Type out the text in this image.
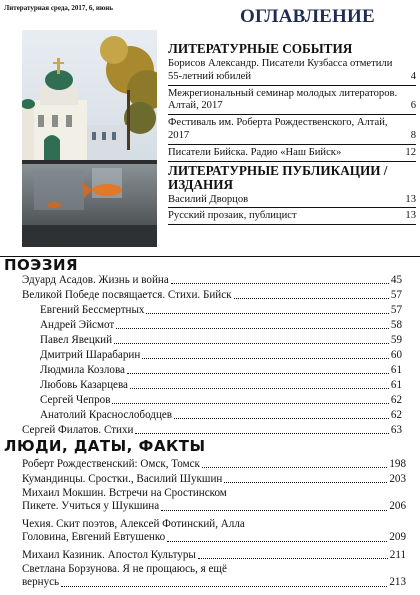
Литературная среда, 2017, 6, июнь
Пифийный литературный журнал
ОГЛАВЛЕНИЕ
ЛИТЕРАТУРНЫЕ СОБЫТИЯ
Борисов Александр. Писатели Кузбасса отметили 55-летний юбилей	4
Межрегиональный семинар молодых литераторов. Алтай, 2017	6
Фестиваль им. Роберта Рождественского, Алтай, 2017	8
Писатели Бийска. Радио «Наш Бийск»	12
ЛИТЕРАТУРНЫЕ ПУБЛИКАЦИИ / ИЗДАНИЯ
Василий Дворцов	13
Русский прозаик, публицист	13
ПОЭЗИЯ
Эдуард Асадов. Жизнь и война	45
Великой Победе посвящается. Стихи. Бийск	57
Евгений Бессмертных	57
Андрей Эйсмот	58
Павел Явецкий	59
Дмитрий Шарабарин	60
Людмила Козлова	61
Любовь Казарцева	61
Сергей Чепров	62
Анатолий Краснослободцев	62
Сергей Филатов. Стихи	63
ЛЮДИ, ДАТЫ, ФАКТЫ
Роберт Рождественский: Омск, Томск	198
Кумандинцы. Сростки., Василий Шукшин	203
Михаил Мокшин. Встречи на Сростинском
Пикете. Учиться у Шукшина	206
Чехия. Скит поэтов, Алексей Фотинский, Алла
Головина, Евгений Евтушенко	209
Михаил Казиник. Апостол Культуры	211
Светлана Борзунова. Я не прощаюсь, я ещё
вернусь	213
